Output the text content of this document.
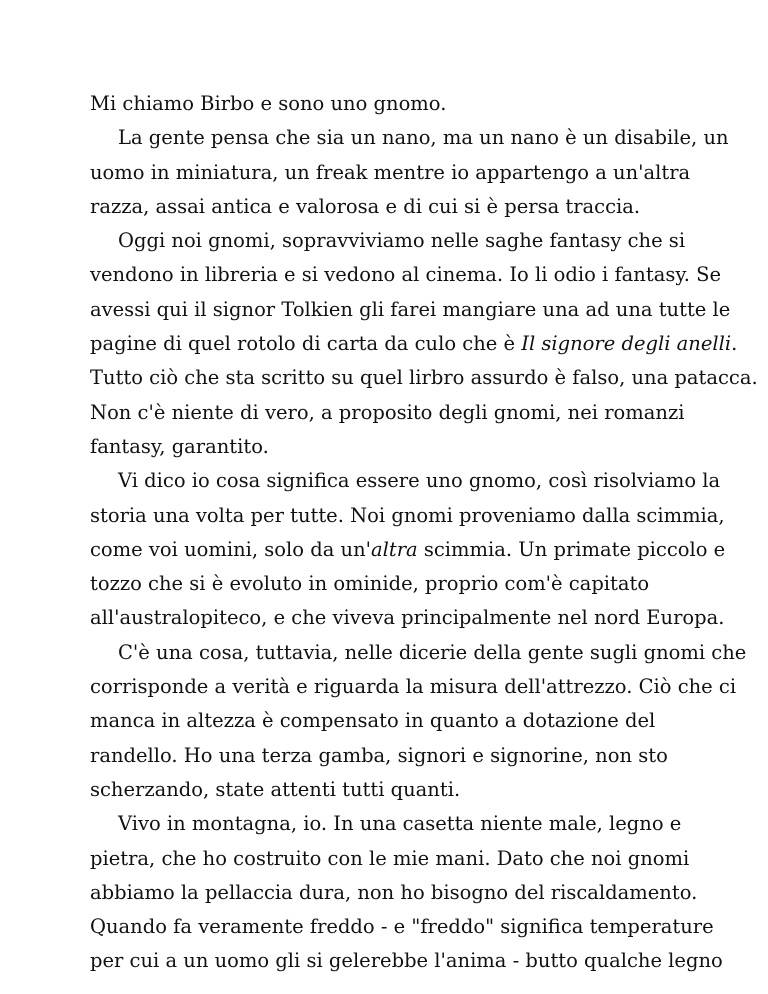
Mi chiamo Birbo e sono uno gnomo.

La gente pensa che sia un nano, ma un nano è un disabile, un
uomo in miniatura, un freak mentre io appartengo a un'altra
razza, assai antica e valorosa e di cui si è persa traccia.

Oggi noi gnomi, sopravviviamo nelle saghe fantasy che si
vendono in libreria e si vedono al cinema. Io li odio i fantasy. Se
avessi qui il signor Tolkien gli farei mangiare una ad una tutte le
pagine di quel rotolo di carta da culo che è Il signore degli anelli.
Tutto ciò che sta scritto su quel lirbro assurdo è falso, una patacca.
Non c'è niente di vero, a proposito degli gnomi, nei romanzi
fantasy, garantito.

Vi dico io cosa significa essere uno gnomo, così risolviamo la
storia una volta per tutte. Noi gnomi proveniamo dalla scimmia,
come voi uomini, solo da un'altra scimmia. Un primate piccolo e
tozzo che si è evoluto in ominide, proprio com'è capitato
all'australopiteco, e che viveva principalmente nel nord Europa.

C'è una cosa, tuttavia, nelle dicerie della gente sugli gnomi che
corrisponde a verità e riguarda la misura dell'attrezzo. Ciò che ci
manca in altezza è compensato in quanto a dotazione del
randello. Ho una terza gamba, signori e signorine, non sto
scherzando, state attenti tutti quanti.

Vivo in montagna, io. In una casetta niente male, legno e
pietra, che ho costruito con le mie mani. Dato che noi gnomi
abbiamo la pellaccia dura, non ho bisogno del riscaldamento.
Quando fa veramente freddo - e "freddo" significa temperature
per cui a un uomo gli si gelerebbe l'anima - butto qualche legno
